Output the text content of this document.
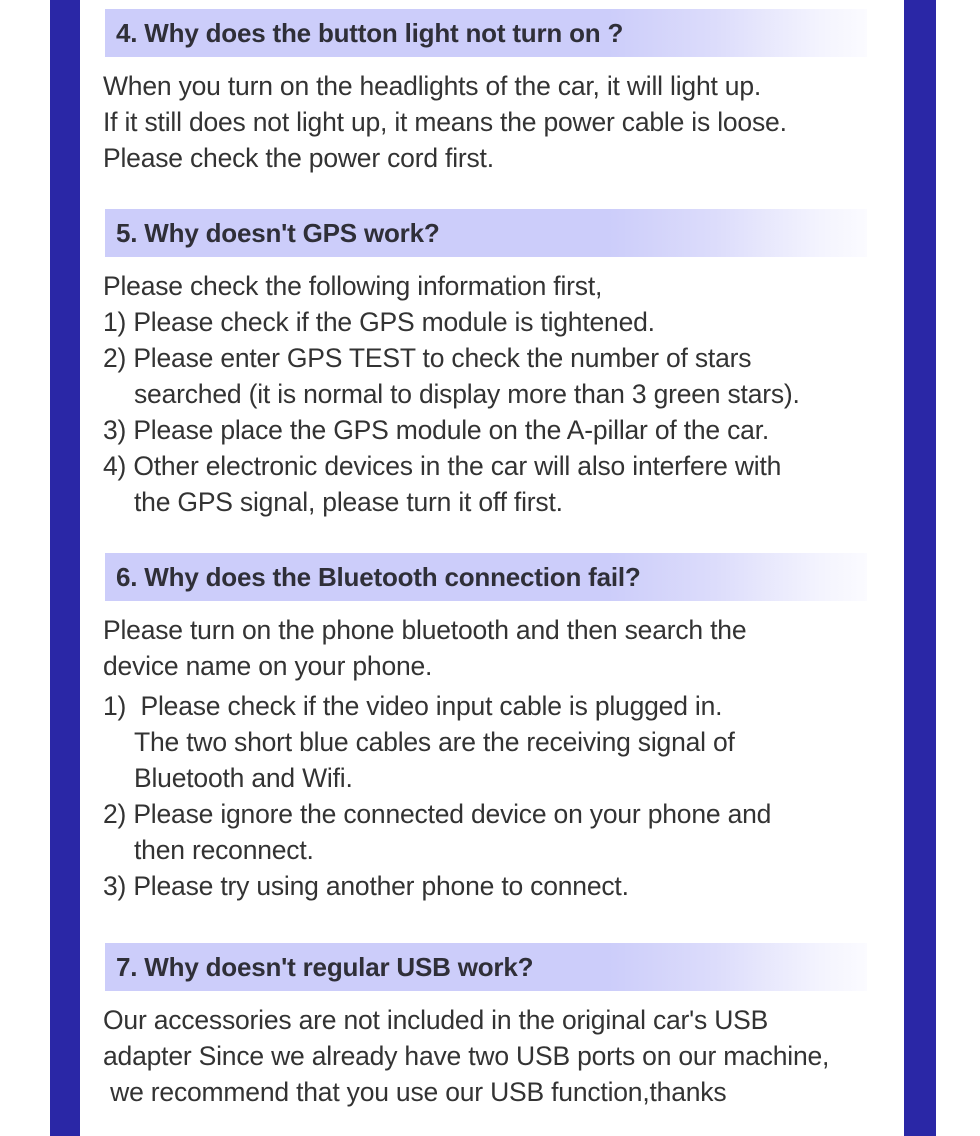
4. Why does the button light not turn on ?
When you turn on the headlights of the car, it will light up.
If it still does not light up, it means the power cable is loose.
Please check the power cord first.
5. Why doesn't GPS work?
Please check the following information first,
1) Please check if the GPS module is tightened.
2) Please enter GPS TEST to check the number of stars
searched (it is normal to display more than 3 green stars).
3) Please place the GPS module on the A-pillar of the car.
4) Other electronic devices in the car will also interfere with
the GPS signal, please turn it off first.
6. Why does the Bluetooth connection fail?
Please turn on the phone bluetooth and then search the
device name on your phone.
1)  Please check if the video input cable is plugged in.
The two short blue cables are the receiving signal of
Bluetooth and Wifi.
2) Please ignore the connected device on your phone and
then reconnect.
3) Please try using another phone to connect.
7. Why doesn't regular USB work?
Our accessories are not included in the original car's USB
adapter Since we already have two USB ports on our machine,
we recommend that you use our USB function,thanks
